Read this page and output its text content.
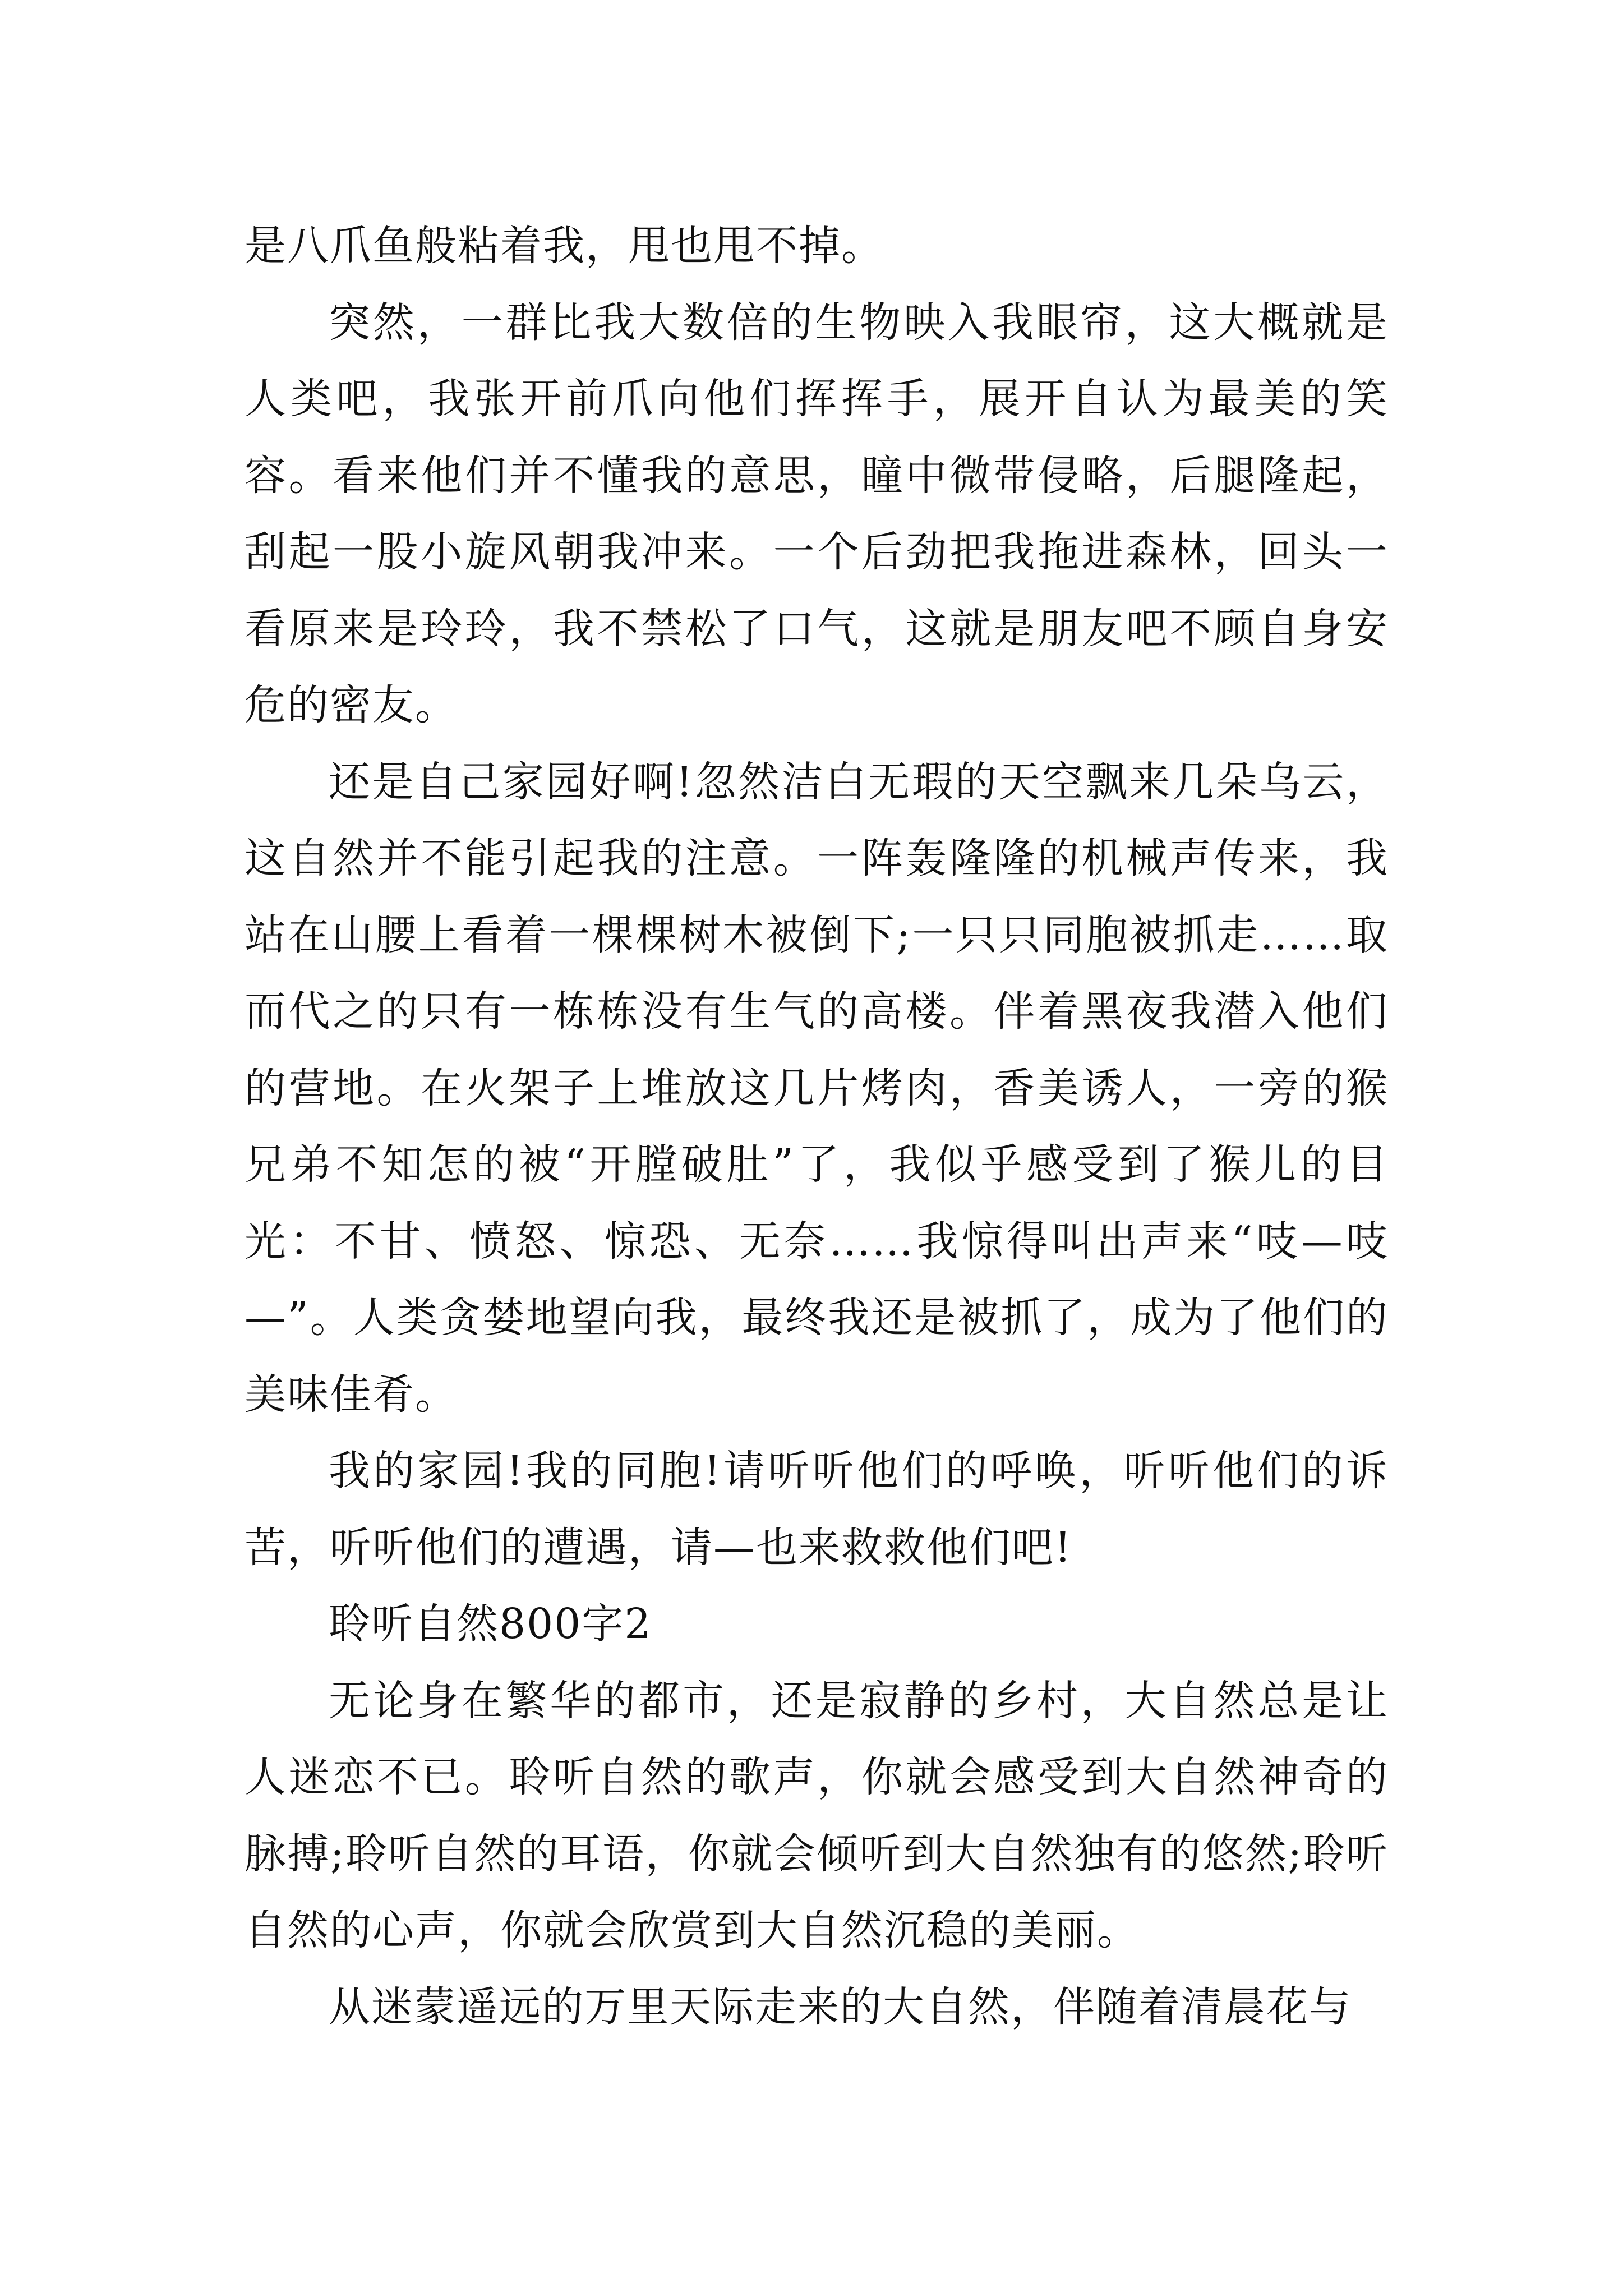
是八爪鱼般粘着我，甩也甩不掉。

突然，一群比我大数倍的生物映入我眼帘，这大概就是人类吧，我张开前爪向他们挥挥手，展开自认为最美的笑容。看来他们并不懂我的意思，瞳中微带侵略，后腿隆起，刮起一股小旋风朝我冲来。一个后劲把我拖进森林，回头一看原来是玲玲，我不禁松了口气，这就是朋友吧不顾自身安危的密友。

还是自己家园好啊!忽然洁白无瑕的天空飘来几朵乌云，这自然并不能引起我的注意。一阵轰隆隆的机械声传来，我站在山腰上看着一棵棵树木被倒下;一只只同胞被抓走……取而代之的只有一栋栋没有生气的高楼。伴着黑夜我潜入他们的营地。在火架子上堆放这几片烤肉，香美诱人，一旁的猴兄弟不知怎的被“开膛破肚”了，我似乎感受到了猴儿的目光：不甘、愤怒、惊恐、无奈……我惊得叫出声来“吱—吱—”。人类贪婪地望向我，最终我还是被抓了，成为了他们的美味佳肴。

我的家园!我的同胞!请听听他们的呼唤，听听他们的诉苦，听听他们的遭遇，请—也来救救他们吧!

聆听自然800字2

无论身在繁华的都市，还是寂静的乡村，大自然总是让人迷恋不已。聆听自然的歌声，你就会感受到大自然神奇的脉搏;聆听自然的耳语，你就会倾听到大自然独有的悠然;聆听自然的心声，你就会欣赏到大自然沉稳的美丽。

从迷蒙遥远的万里天际走来的大自然，伴随着清晨花与
